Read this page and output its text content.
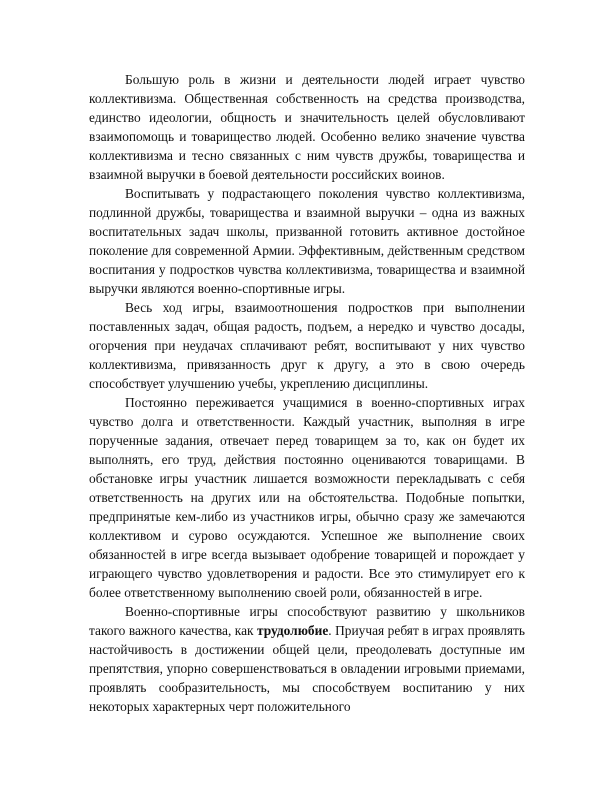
Большую роль в жизни и деятельности людей играет чувство коллективизма. Общественная собственность на средства производства, единство идеологии, общность и значительность целей обусловливают взаимопомощь и товарищество людей. Особенно велико значение чувства коллективизма и тесно связанных с ним чувств дружбы, товарищества и взаимной выручки в боевой деятельности российских воинов.

Воспитывать у подрастающего поколения чувство коллективизма, подлинной дружбы, товарищества и взаимной выручки – одна из важных воспитательных задач школы, призванной готовить активное достойное поколение для современной Армии. Эффективным, действенным средством воспитания у подростков чувства коллективизма, товарищества и взаимной выручки являются военно-спортивные игры.

Весь ход игры, взаимоотношения подростков при выполнении поставленных задач, общая радость, подъем, а нередко и чувство досады, огорчения при неудачах сплачивают ребят, воспитывают у них чувство коллективизма, привязанность друг к другу, а это в свою очередь способствует улучшению учебы, укреплению дисциплины.

Постоянно переживается учащимися в военно-спортивных играх чувство долга и ответственности. Каждый участник, выполняя в игре порученные задания, отвечает перед товарищем за то, как он будет их выполнять, его труд, действия постоянно оцениваются товарищами. В обстановке игры участник лишается возможности перекладывать с себя ответственность на других или на обстоятельства. Подобные попытки, предпринятые кем-либо из участников игры, обычно сразу же замечаются коллективом и сурово осуждаются. Успешное же выполнение своих обязанностей в игре всегда вызывает одобрение товарищей и порождает у играющего чувство удовлетворения и радости. Все это стимулирует его к более ответственному выполнению своей роли, обязанностей в игре.

Военно-спортивные игры способствуют развитию у школьников такого важного качества, как трудолюбие. Приучая ребят в играх проявлять настойчивость в достижении общей цели, преодолевать доступные им препятствия, упорно совершенствоваться в овладении игровыми приемами, проявлять сообразительность, мы способствуем воспитанию у них некоторых характерных черт положительного
